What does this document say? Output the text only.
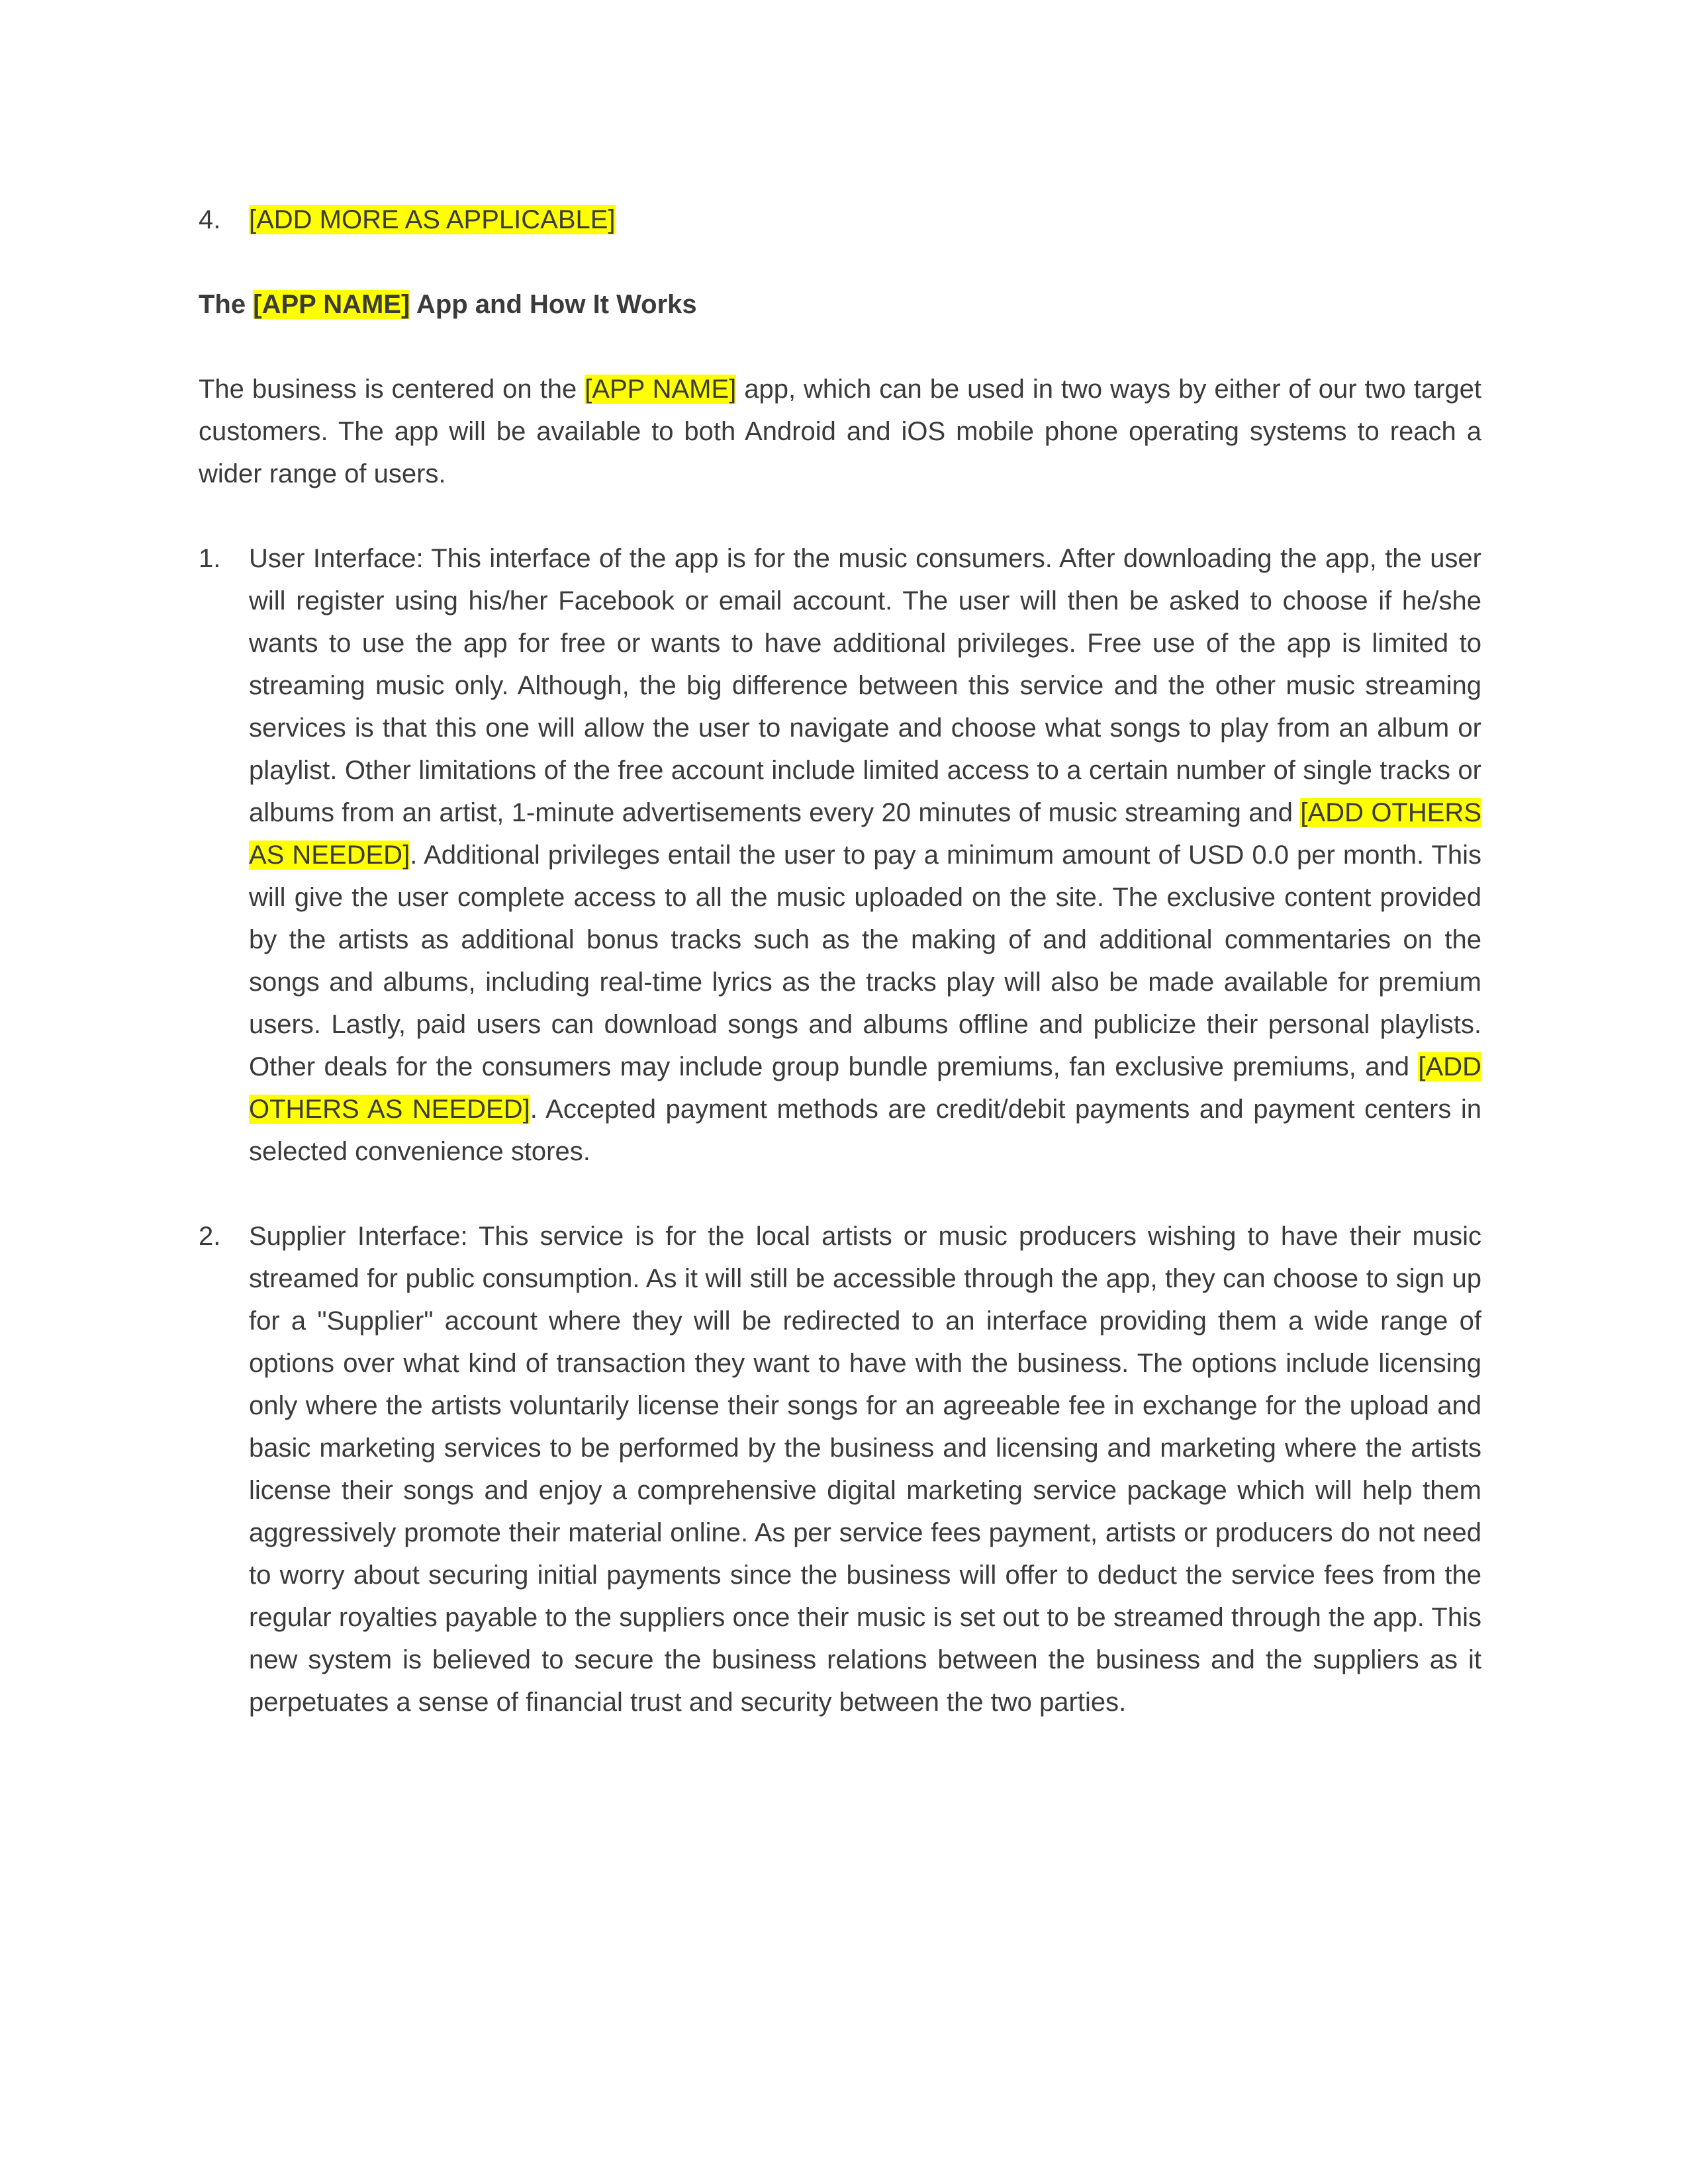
4. [ADD MORE AS APPLICABLE]
The [APP NAME] App and How It Works

The business is centered on the [APP NAME] app, which can be used in two ways by either of our two target customers. The app will be available to both Android and iOS mobile phone operating systems to reach a wider range of users.

1. User Interface: This interface of the app is for the music consumers. After downloading the app, the user will register using his/her Facebook or email account. The user will then be asked to choose if he/she wants to use the app for free or wants to have additional privileges. Free use of the app is limited to streaming music only. Although, the big difference between this service and the other music streaming services is that this one will allow the user to navigate and choose what songs to play from an album or playlist. Other limitations of the free account include limited access to a certain number of single tracks or albums from an artist, 1-minute advertisements every 20 minutes of music streaming and [ADD OTHERS AS NEEDED]. Additional privileges entail the user to pay a minimum amount of USD 0.0 per month. This will give the user complete access to all the music uploaded on the site. The exclusive content provided by the artists as additional bonus tracks such as the making of and additional commentaries on the songs and albums, including real-time lyrics as the tracks play will also be made available for premium users. Lastly, paid users can download songs and albums offline and publicize their personal playlists. Other deals for the consumers may include group bundle premiums, fan exclusive premiums, and [ADD OTHERS AS NEEDED]. Accepted payment methods are credit/debit payments and payment centers in selected convenience stores.
2. Supplier Interface: This service is for the local artists or music producers wishing to have their music streamed for public consumption. As it will still be accessible through the app, they can choose to sign up for a "Supplier" account where they will be redirected to an interface providing them a wide range of options over what kind of transaction they want to have with the business. The options include licensing only where the artists voluntarily license their songs for an agreeable fee in exchange for the upload and basic marketing services to be performed by the business and licensing and marketing where the artists license their songs and enjoy a comprehensive digital marketing service package which will help them aggressively promote their material online. As per service fees payment, artists or producers do not need to worry about securing initial payments since the business will offer to deduct the service fees from the regular royalties payable to the suppliers once their music is set out to be streamed through the app. This new system is believed to secure the business relations between the business and the suppliers as it perpetuates a sense of financial trust and security between the two parties.
